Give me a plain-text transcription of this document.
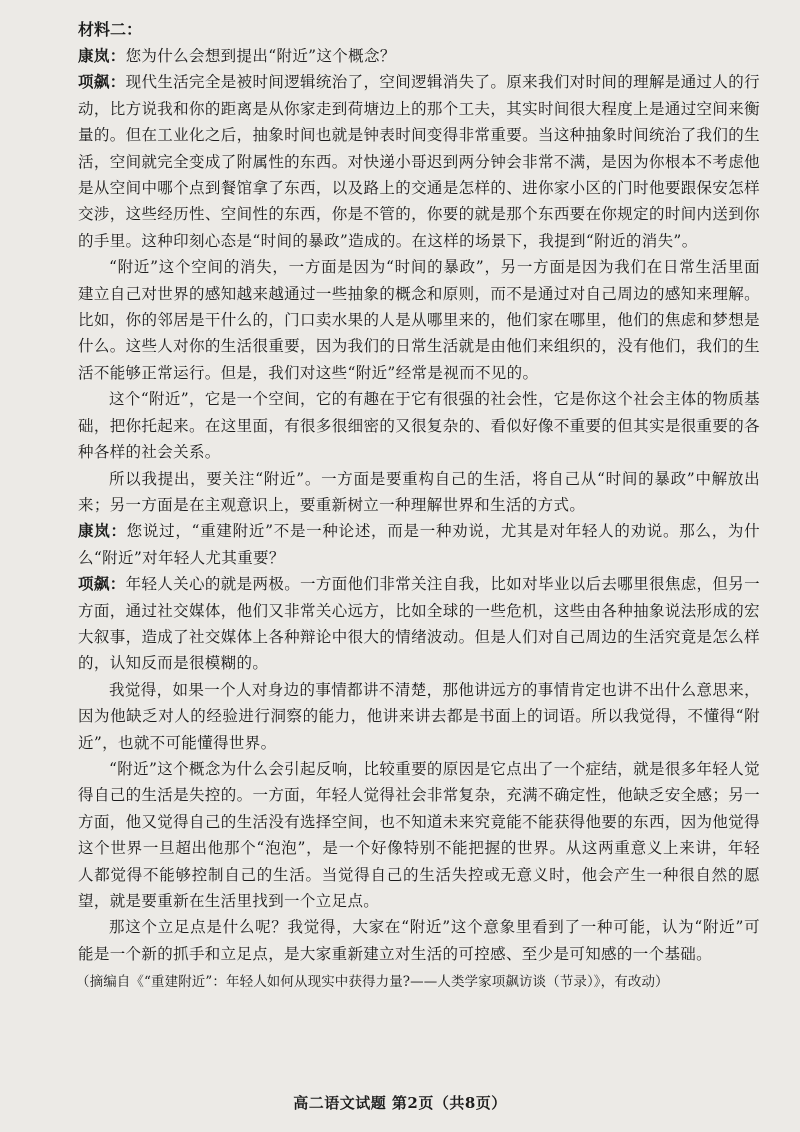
材料二：

康岚：您为什么会想到提出“附近”这个概念？

项飙：现代生活完全是被时间逻辑统治了，空间逻辑消失了。原来我们对时间的理解是通过人的行动，比方说我和你的距离是从你家走到荷塘边上的那个工夫，其实时间很大程度上是通过空间来衡量的。但在工业化之后，抽象时间也就是钟表时间变得非常重要。当这种抽象时间统治了我们的生活，空间就完全变成了附属性的东西。对快递小哥迟到两分钟会非常不满，是因为你根本不考虑他是从空间中哪个点到餐馆拿了东西，以及路上的交通是怎样的、进你家小区的门时他要跟保安怎样交涉，这些经历性、空间性的东西，你是不管的，你要的就是那个东西要在你规定的时间内送到你的手里。这种印刻心态是“时间的暴政”造成的。在这样的场景下，我提到“附近的消失”。

“附近”这个空间的消失，一方面是因为“时间的暴政”，另一方面是因为我们在日常生活里面建立自己对世界的感知越来越通过一些抽象的概念和原则，而不是通过对自己周边的感知来理解。比如，你的邻居是干什么的，门口卖水果的人是从哪里来的，他们家在哪里，他们的焦虑和梦想是什么。这些人对你的生活很重要，因为我们的日常生活就是由他们来组织的，没有他们，我们的生活不能够正常运行。但是，我们对这些“附近”经常是视而不见的。

这个“附近”，它是一个空间，它的有趣在于它有很强的社会性，它是你这个社会主体的物质基础，把你托起来。在这里面，有很多很细密的又很复杂的、看似好像不重要的但其实是很重要的各种各样的社会关系。

所以我提出，要关注“附近”。一方面是要重构自己的生活，将自己从“时间的暴政”中解放出来；另一方面是在主观意识上，要重新树立一种理解世界和生活的方式。

康岚：您说过，“重建附近”不是一种论述，而是一种劝说，尤其是对年轻人的劝说。那么，为什么“附近”对年轻人尤其重要？

项飙：年轻人关心的就是两极。一方面他们非常关注自我，比如对毕业以后去哪里很焦虑，但另一方面，通过社交媒体，他们又非常关心远方，比如全球的一些危机，这些由各种抽象说法形成的宏大叙事，造成了社交媒体上各种辩论中很大的情绪波动。但是人们对自己周边的生活究竟是怎么样的，认知反而是很模糊的。

我觉得，如果一个人对身边的事情都讲不清楚，那他讲远方的事情肯定也讲不出什么意思来，因为他缺乏对人的经验进行洞察的能力，他讲来讲去都是书面上的词语。所以我觉得，不懂得“附近”，也就不可能懂得世界。

“附近”这个概念为什么会引起反响，比较重要的原因是它点出了一个症结，就是很多年轻人觉得自己的生活是失控的。一方面，年轻人觉得社会非常复杂，充满不确定性，他缺乏安全感；另一方面，他又觉得自己的生活没有选择空间，也不知道未来究竟能不能获得他要的东西，因为他觉得这个世界一旦超出他那个“泡泡”，是一个好像特别不能把握的世界。从这两重意义上来讲，年轻人都觉得不能够控制自己的生活。当觉得自己的生活失控或无意义时，他会产生一种很自然的愿望，就是要重新在生活里找到一个立足点。

那这个立足点是什么呢？我觉得，大家在“附近”这个意象里看到了一种可能，认为“附近”可能是一个新的抓手和立足点，是大家重新建立对生活的可控感、至少是可知感的一个基础。

（摘编自《“重建附近”：年轻人如何从现实中获得力量?——人类学家项飙访谈（节录）》，有改动）
高二语文试题 第2页（共8页）
